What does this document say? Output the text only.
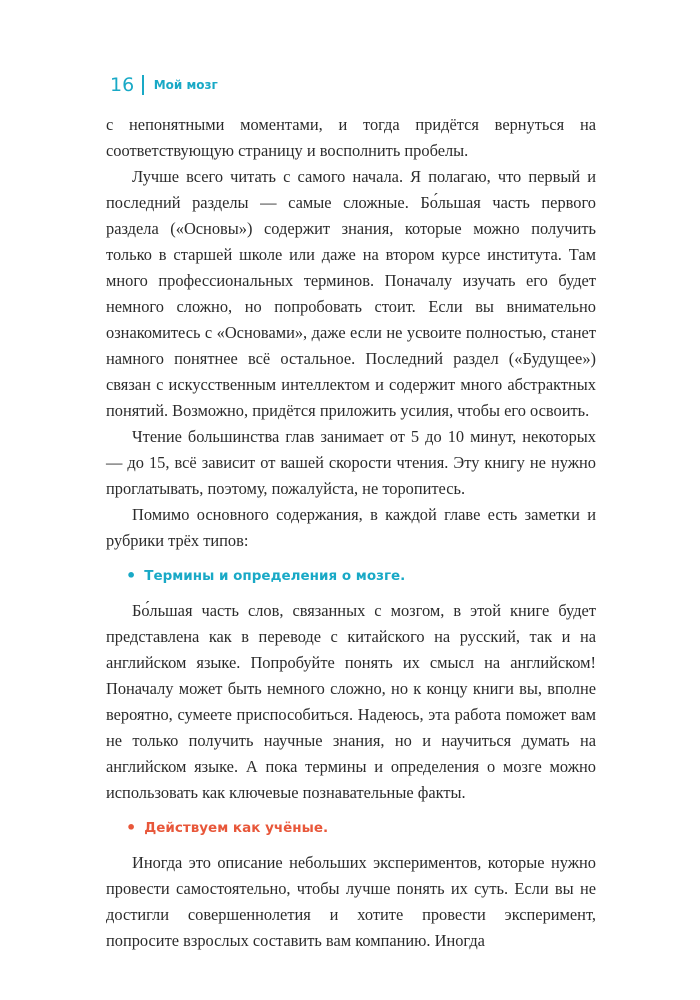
16 Мой мозг

с непонятными моментами, и тогда придётся вернуться на соответствующую страницу и восполнить пробелы.

Лучше всего читать с самого начала. Я полагаю, что первый и последний разделы — самые сложные. Бо́льшая часть первого раздела («Основы») содержит знания, которые можно получить только в старшей школе или даже на втором курсе института. Там много профессиональных терминов. Поначалу изучать его будет немного сложно, но попробовать стоит. Если вы внимательно ознакомитесь с «Основами», даже если не усвоите полностью, станет намного понятнее всё остальное. Последний раздел («Будущее») связан с искусственным интеллектом и содержит много абстрактных понятий. Возможно, придётся приложить усилия, чтобы его освоить.

Чтение большинства глав занимает от 5 до 10 минут, некоторых — до 15, всё зависит от вашей скорости чтения. Эту книгу не нужно проглатывать, поэтому, пожалуйста, не торопитесь.

Помимо основного содержания, в каждой главе есть заметки и рубрики трёх типов:

• Термины и определения о мозге.

Бо́льшая часть слов, связанных с мозгом, в этой книге будет представлена как в переводе с китайского на русский, так и на английском языке. Попробуйте понять их смысл на английском! Поначалу может быть немного сложно, но к концу книги вы, вполне вероятно, сумеете приспособиться. Надеюсь, эта работа поможет вам не только получить научные знания, но и научиться думать на английском языке. А пока термины и определения о мозге можно использовать как ключевые познавательные факты.

• Действуем как учёные.

Иногда это описание небольших экспериментов, которые нужно провести самостоятельно, чтобы лучше понять их суть. Если вы не достигли совершеннолетия и хотите провести эксперимент, попросите взрослых составить вам компанию. Иногда
